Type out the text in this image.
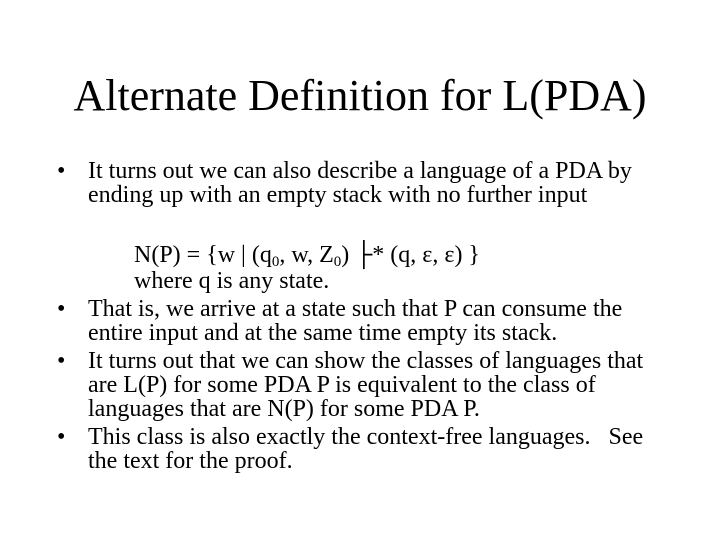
Alternate Definition for L(PDA)
• It turns out we can also describe a language of a PDA by
ending up with an empty stack with no further input
N(P) = {w | ($q_0$, w, $Z_0$) ├* (q, ε, ε) }
where q is any state.
• That is, we arrive at a state such that P can consume the
entire input and at the same time empty its stack.
• It turns out that we can show the classes of languages that
are L(P) for some PDA P is equivalent to the class of
languages that are N(P) for some PDA P.
• This class is also exactly the context-free languages.   See
the text for the proof.
